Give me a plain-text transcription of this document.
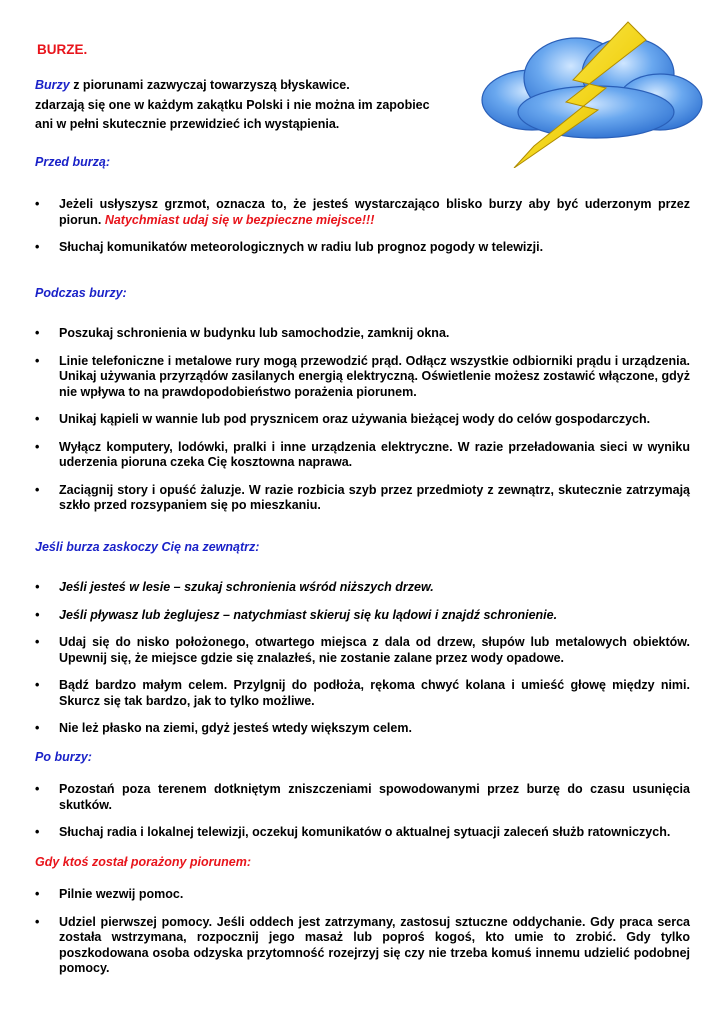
BURZE.
Burzy z piorunami zazwyczaj towarzyszą błyskawice.
zdarzają się one w każdym zakątku Polski i nie można im zapobiec
ani w pełni skutecznie przewidzieć ich wystąpienia.
Przed burzą:
• Jeżeli usłyszysz grzmot, oznacza to, że jesteś wystarczająco blisko burzy aby być uderzonym przez piorun. Natychmiast udaj się w bezpieczne miejsce!!!
• Słuchaj komunikatów meteorologicznych w radiu lub prognoz pogody w telewizji.
Podczas burzy:
• Poszukaj schronienia w budynku lub samochodzie, zamknij okna.
• Linie telefoniczne i metalowe rury mogą przewodzić prąd. Odłącz wszystkie odbiorniki prądu i urządzenia. Unikaj używania przyrządów zasilanych energią elektryczną. Oświetlenie możesz zostawić włączone, gdyż nie wpływa to na prawdopodobieństwo porażenia piorunem.
• Unikaj kąpieli w wannie lub pod prysznicem oraz używania bieżącej wody do celów gospodarczych.
• Wyłącz komputery, lodówki, pralki i inne urządzenia elektryczne. W razie przeładowania sieci w wyniku uderzenia pioruna czeka Cię kosztowna naprawa.
• Zaciągnij story i opuść żaluzje. W razie rozbicia szyb przez przedmioty z zewnątrz, skutecznie zatrzymają szkło przed rozsypaniem się po mieszkaniu.
Jeśli burza zaskoczy Cię na zewnątrz:
• Jeśli jesteś w lesie – szukaj schronienia wśród niższych drzew.
• Jeśli pływasz lub żeglujesz – natychmiast skieruj się ku lądowi i znajdź schronienie.
• Udaj się do nisko położonego, otwartego miejsca z dala od drzew, słupów lub metalowych obiektów. Upewnij się, że miejsce gdzie się znalazłeś, nie zostanie zalane przez wody opadowe.
• Bądź bardzo małym celem. Przylgnij do podłoża, rękoma chwyć kolana i umieść głowę między nimi. Skurcz się tak bardzo, jak to tylko możliwe.
• Nie leż płasko na ziemi, gdyż jesteś wtedy większym celem.
Po burzy:
• Pozostań poza terenem dotkniętym zniszczeniami spowodowanymi przez burzę do czasu usunięcia skutków.
• Słuchaj radia i lokalnej telewizji, oczekuj komunikatów o aktualnej sytuacji zaleceń służb ratowniczych.
Gdy ktoś został porażony piorunem:
• Pilnie wezwij pomoc.
• Udziel pierwszej pomocy. Jeśli oddech jest zatrzymany, zastosuj sztuczne oddychanie. Gdy praca serca została wstrzymana, rozpocznij jego masaż lub poproś kogoś, kto umie to zrobić. Gdy tylko poszkodowana osoba odzyska przytomność rozejrzyj się czy nie trzeba komuś innemu udzielić podobnej pomocy.
